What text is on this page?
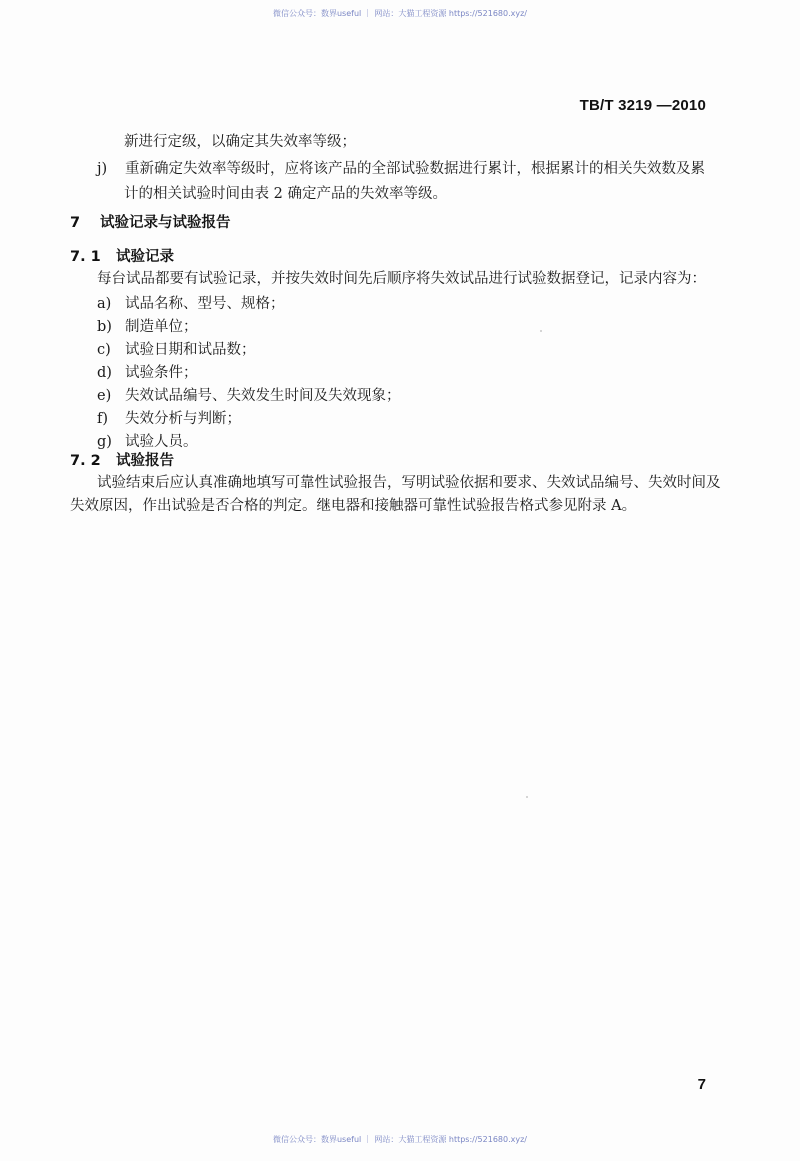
微信公众号：数界useful ｜ 网站：大猫工程资源 https://521680.xyz/
TB/T 3219 —2010
新进行定级，以确定其失效率等级；
j) 重新确定失效率等级时，应将该产品的全部试验数据进行累计，根据累计的相关失效数及累
计的相关试验时间由表 2 确定产品的失效率等级。
7 试验记录与试验报告
7. 1 试验记录
每台试品都要有试验记录，并按失效时间先后顺序将失效试品进行试验数据登记，记录内容为：
a) 试品名称、型号、规格；
b) 制造单位；
c) 试验日期和试品数；
d) 试验条件；
e) 失效试品编号、失效发生时间及失效现象；
f) 失效分析与判断；
g) 试验人员。
7. 2 试验报告
试验结束后应认真准确地填写可靠性试验报告，写明试验依据和要求、失效试品编号、失效时间及
失效原因，作出试验是否合格的判定。继电器和接触器可靠性试验报告格式参见附录 A。
7
微信公众号：数界useful ｜ 网站：大猫工程资源 https://521680.xyz/
